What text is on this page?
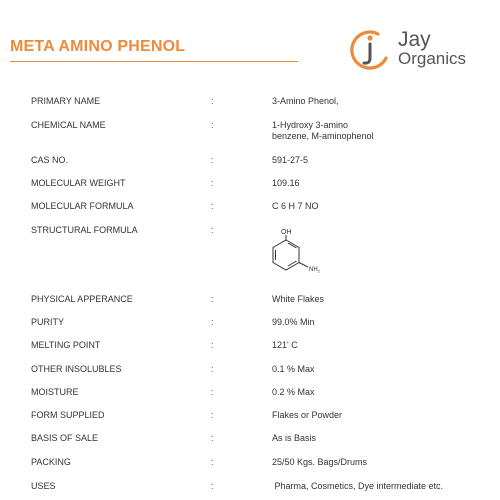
META AMINO PHENOL	Jay
Organics
PRIMARY NAME	:	3-Amino Phenol,
CHEMICAL NAME	:	1-Hydroxy 3-amino
benzene, M-aminophenol
CAS NO.	:	591-27-5
MOLECULAR WEIGHT	:	109.16
MOLECULAR FORMULA	:	C 6 H 7 NO
STRUCTURAL FORMULA	:	OH
$NH_2$
PHYSICAL APPERANCE	:	White Flakes
PURITY	:	99.0% Min
MELTING POINT	:	121' C
OTHER INSOLUBLES	:	0.1 % Max
MOISTURE	:	0.2 % Max
FORM SUPPLIED	:	Flakes or Powder
BASIS OF SALE	:	As is Basis
PACKING	:	25/50 Kgs. Bags/Drums
USES	:	Pharma, Cosmetics, Dye intermediate etc.
